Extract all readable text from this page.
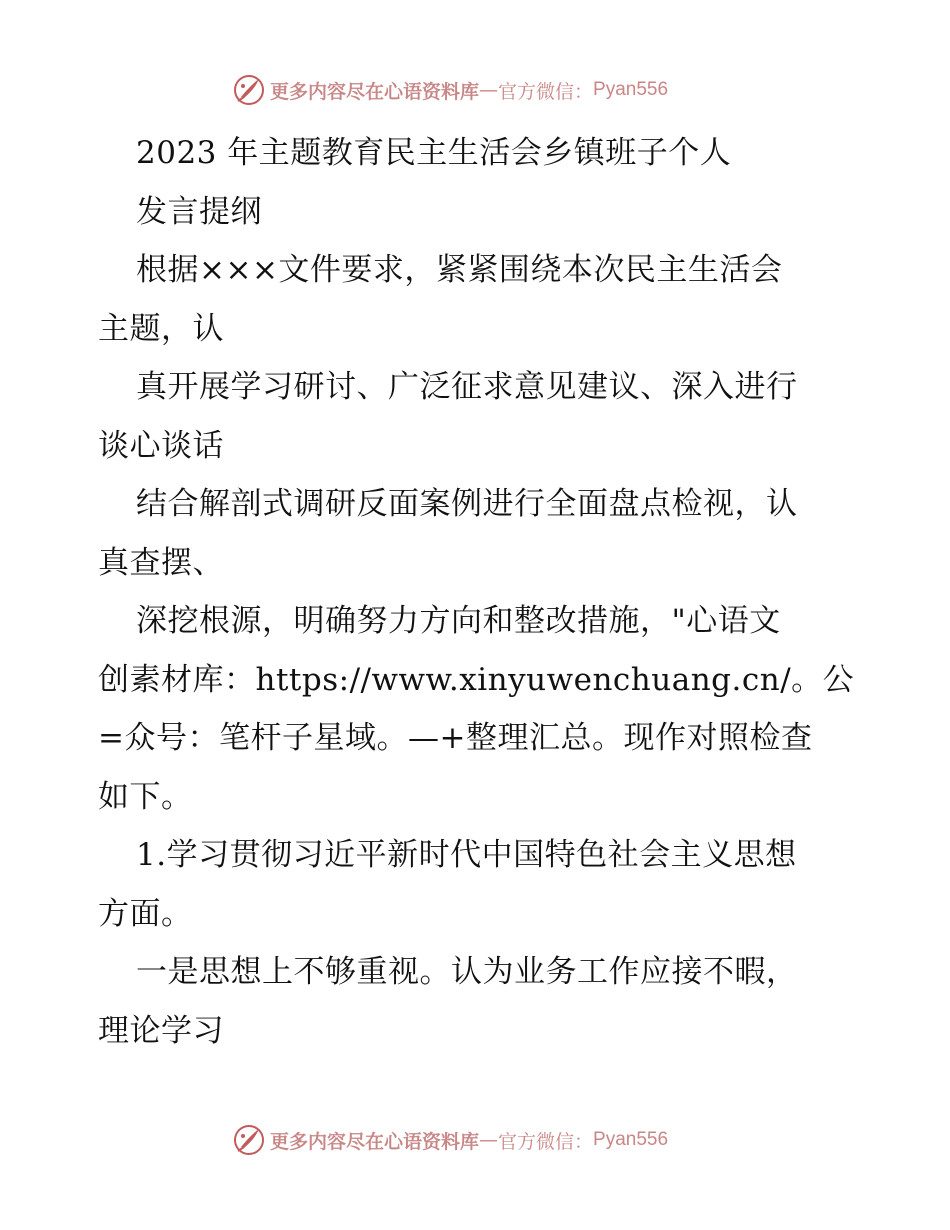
更多内容尽在心语资料库 — 官方微信： Pyan556

2023 年主题教育民主生活会乡镇班子个人

发言提纲

根据×××文件要求，紧紧围绕本次民主生活会

主题，认

真开展学习研讨、广泛征求意见建议、深入进行

谈心谈话

结合解剖式调研反面案例进行全面盘点检视，认

真查摆、

深挖根源，明确努力方向和整改措施，"心语文

创素材库：https://www.xinyuwenchuang.cn/。公

=众号：笔杆子星域。—+整理汇总。现作对照检查

如下。

1.学习贯彻习近平新时代中国特色社会主义思想

方面。

一是思想上不够重视。认为业务工作应接不暇，

理论学习

更多内容尽在心语资料库 — 官方微信： Pyan556
